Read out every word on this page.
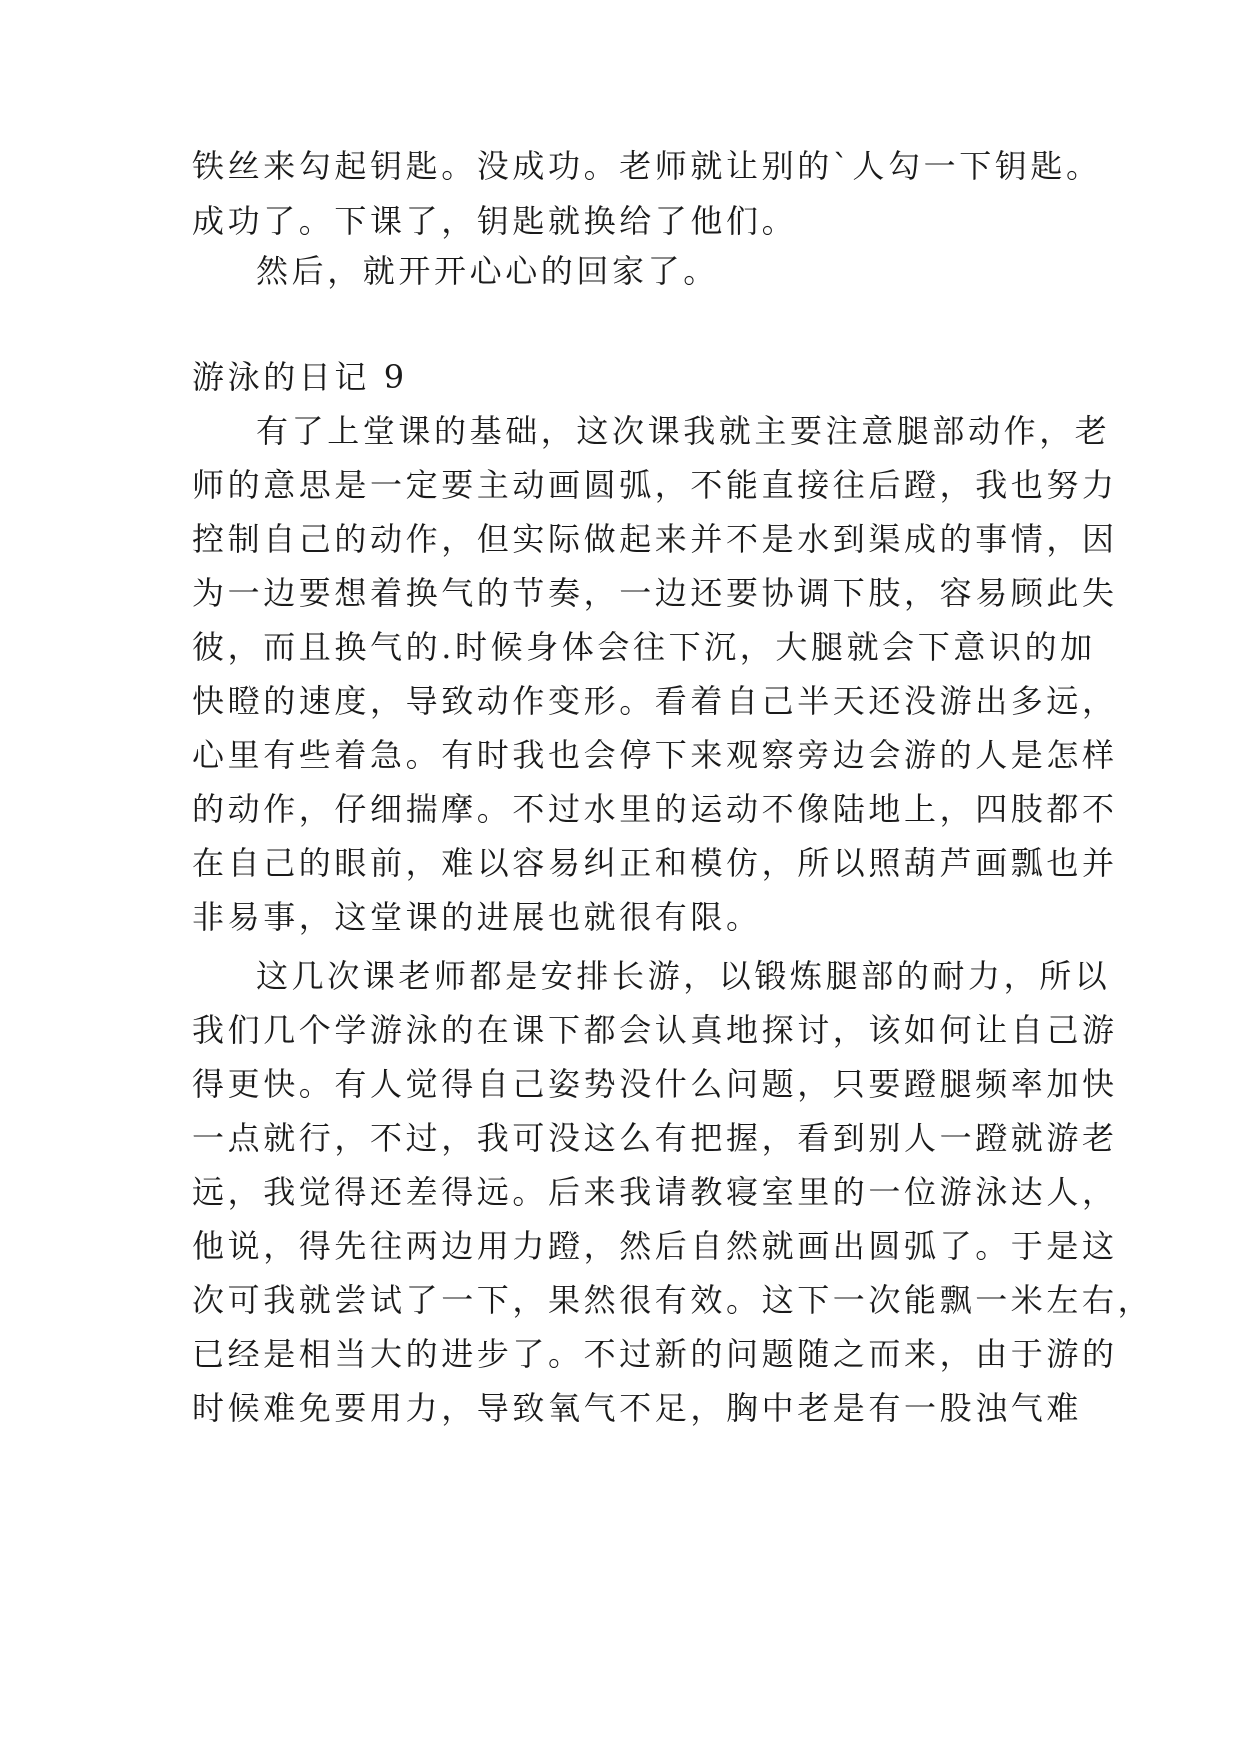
铁丝来勾起钥匙。没成功。老师就让别的`人勾一下钥匙。
成功了。下课了，钥匙就换给了他们。
然后，就开开心心的回家了。
游泳的日记 9
有了上堂课的基础，这次课我就主要注意腿部动作，老
师的意思是一定要主动画圆弧，不能直接往后蹬，我也努力
控制自己的动作，但实际做起来并不是水到渠成的事情，因
为一边要想着换气的节奏，一边还要协调下肢，容易顾此失
彼，而且换气的.时候身体会往下沉，大腿就会下意识的加
快瞪的速度，导致动作变形。看着自己半天还没游出多远，
心里有些着急。有时我也会停下来观察旁边会游的人是怎样
的动作，仔细揣摩。不过水里的运动不像陆地上，四肢都不
在自己的眼前，难以容易纠正和模仿，所以照葫芦画瓢也并
非易事，这堂课的进展也就很有限。
这几次课老师都是安排长游，以锻炼腿部的耐力，所以
我们几个学游泳的在课下都会认真地探讨，该如何让自己游
得更快。有人觉得自己姿势没什么问题，只要蹬腿频率加快
一点就行，不过，我可没这么有把握，看到别人一蹬就游老
远，我觉得还差得远。后来我请教寝室里的一位游泳达人，
他说，得先往两边用力蹬，然后自然就画出圆弧了。于是这
次可我就尝试了一下，果然很有效。这下一次能飘一米左右，
已经是相当大的进步了。不过新的问题随之而来，由于游的
时候难免要用力，导致氧气不足，胸中老是有一股浊气难
